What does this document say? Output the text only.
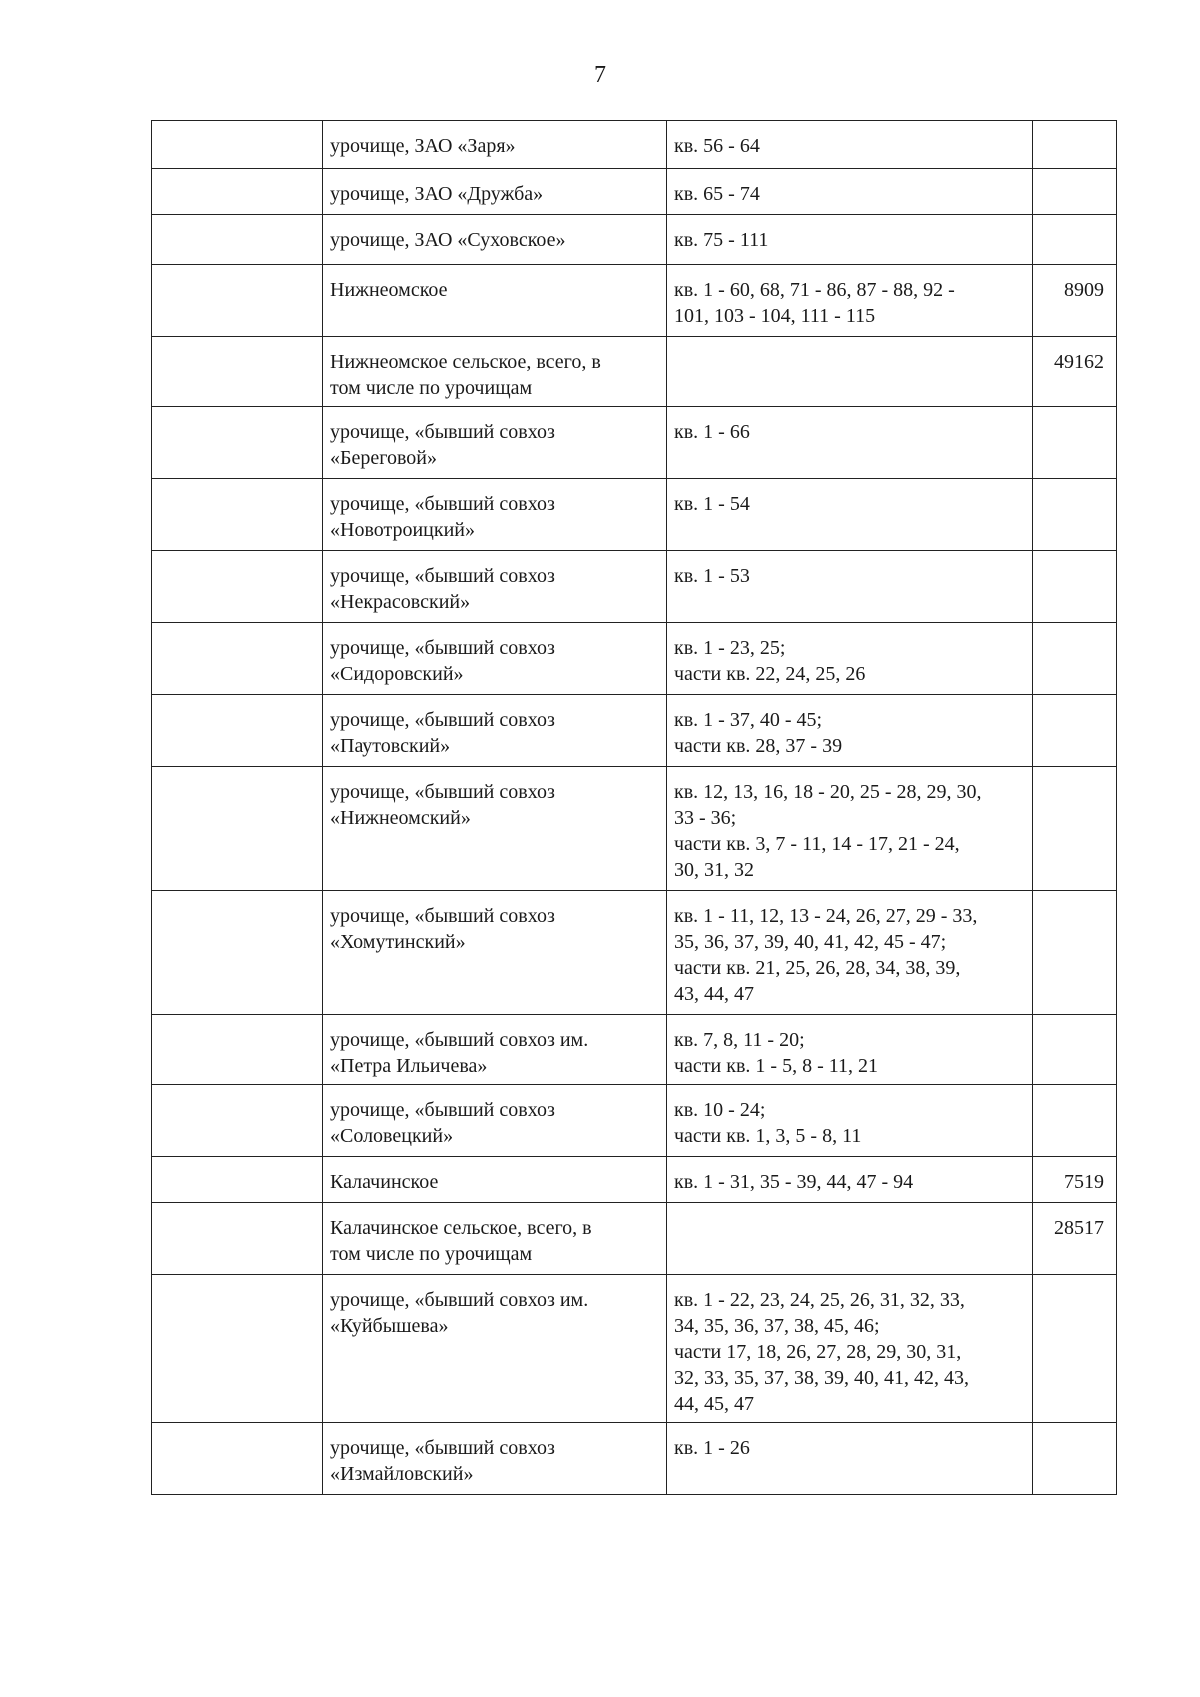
7
	урочище, ЗАО «Заря»	кв. 56 - 64	
	урочище, ЗАО «Дружба»	кв. 65 - 74	
	урочище, ЗАО «Суховское»	кв. 75 - 111	
	Нижнеомское	кв. 1 - 60, 68, 71 - 86, 87 - 88, 92 -
101, 103 - 104, 111 - 115	8909
	Нижнеомское сельское, всего, в
том числе по урочищам		49162
	урочище, «бывший совхоз
«Береговой»	кв. 1 - 66	
	урочище, «бывший совхоз
«Новотроицкий»	кв. 1 - 54	
	урочище, «бывший совхоз
«Некрасовский»	кв. 1 - 53	
	урочище, «бывший совхоз
«Сидоровский»	кв. 1 - 23, 25;
части кв. 22, 24, 25, 26	
	урочище, «бывший совхоз
«Паутовский»	кв. 1 - 37, 40 - 45;
части кв. 28, 37 - 39	
	урочище, «бывший совхоз
«Нижнеомский»	кв. 12, 13, 16, 18 - 20, 25 - 28, 29, 30,
33 - 36;
части кв. 3, 7 - 11, 14 - 17, 21 - 24,
30, 31, 32	
	урочище, «бывший совхоз
«Хомутинский»	кв. 1 - 11, 12, 13 - 24, 26, 27, 29 - 33,
35, 36, 37, 39, 40, 41, 42, 45 - 47;
части кв. 21, 25, 26, 28, 34, 38, 39,
43, 44, 47	
	урочище, «бывший совхоз им.
«Петра Ильичева»	кв. 7, 8, 11 - 20;
части кв. 1 - 5, 8 - 11, 21	
	урочище, «бывший совхоз
«Соловецкий»	кв. 10 - 24;
части кв. 1, 3, 5 - 8, 11	
	Калачинское	кв. 1 - 31, 35 - 39, 44, 47 - 94	7519
	Калачинское сельское, всего, в
том числе по урочищам		28517
	урочище, «бывший совхоз им.
«Куйбышева»	кв. 1 - 22, 23, 24, 25, 26, 31, 32, 33,
34, 35, 36, 37, 38, 45, 46;
части 17, 18, 26, 27, 28, 29, 30, 31,
32, 33, 35, 37, 38, 39, 40, 41, 42, 43,
44, 45, 47	
	урочище, «бывший совхоз
«Измайловский»	кв. 1 - 26	
